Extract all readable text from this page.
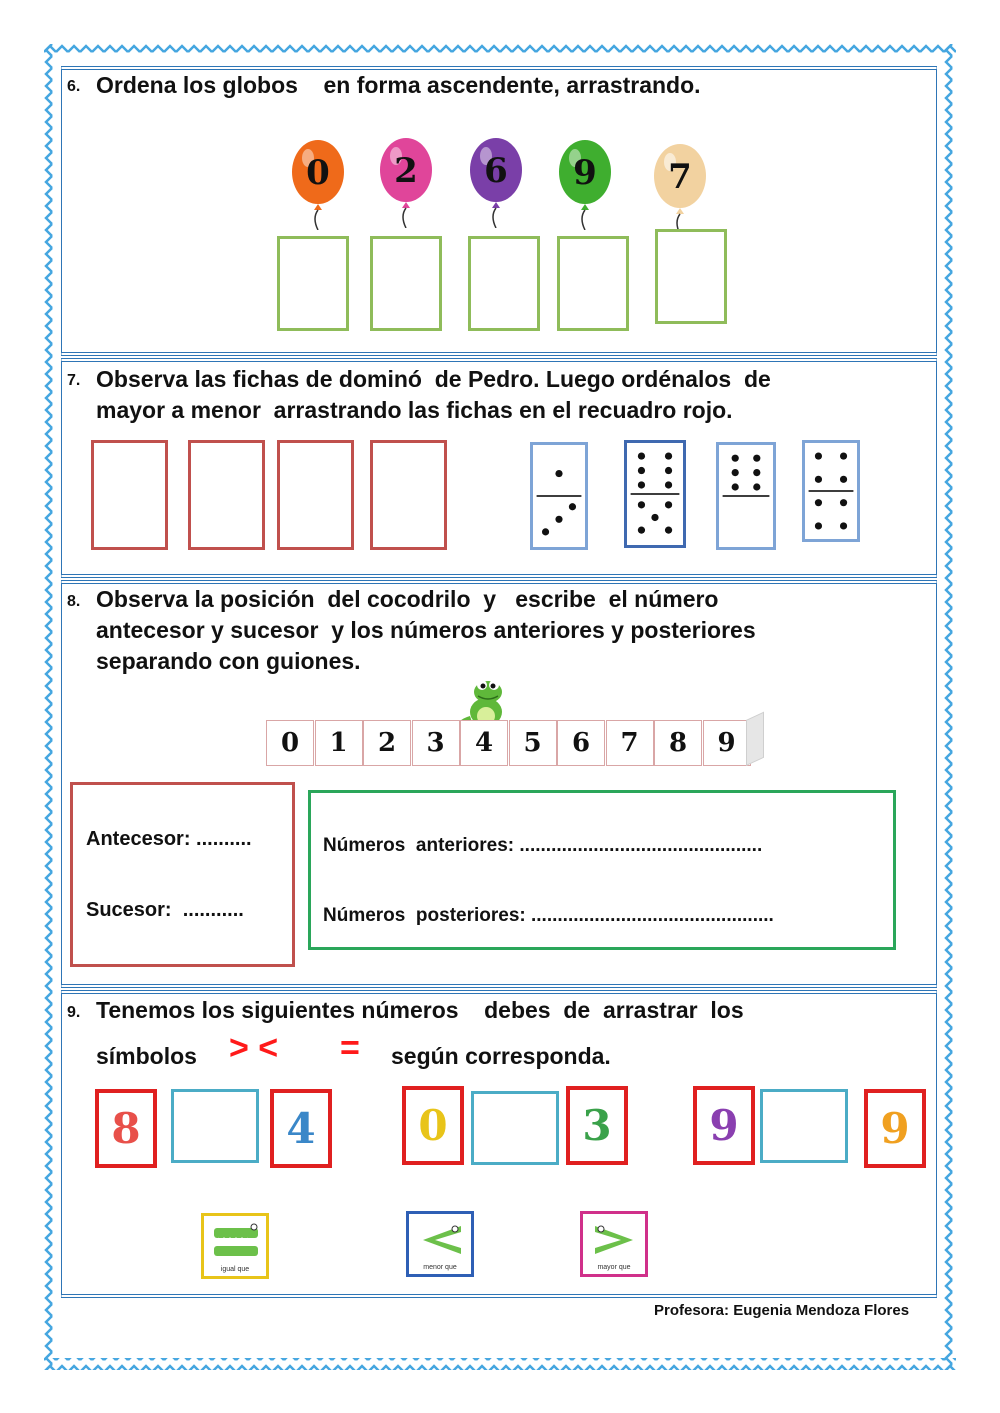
6. Ordena los globos    en forma ascendente, arrastrando.
0 2 6 9 7
7. Observa las fichas de dominó  de Pedro. Luego ordénalos  de
mayor a menor  arrastrando las fichas en el recuadro rojo.
8. Observa la posición  del cocodrilo  y   escribe  el número
antecesor y sucesor  y los números anteriores y posteriores
separando con guiones.
0	1	2	3	4	5	6	7	8	9
Antecesor: ..........
Sucesor:  ...........
Números  anteriores: ..............................................
Números  posteriores: ..............................................
9. Tenemos los siguientes números    debes  de  arrastrar  los
símbolos > < = según corresponda.
8	4	0	3	9	9
igual que	menor que	mayor que
Profesora: Eugenia Mendoza Flores
